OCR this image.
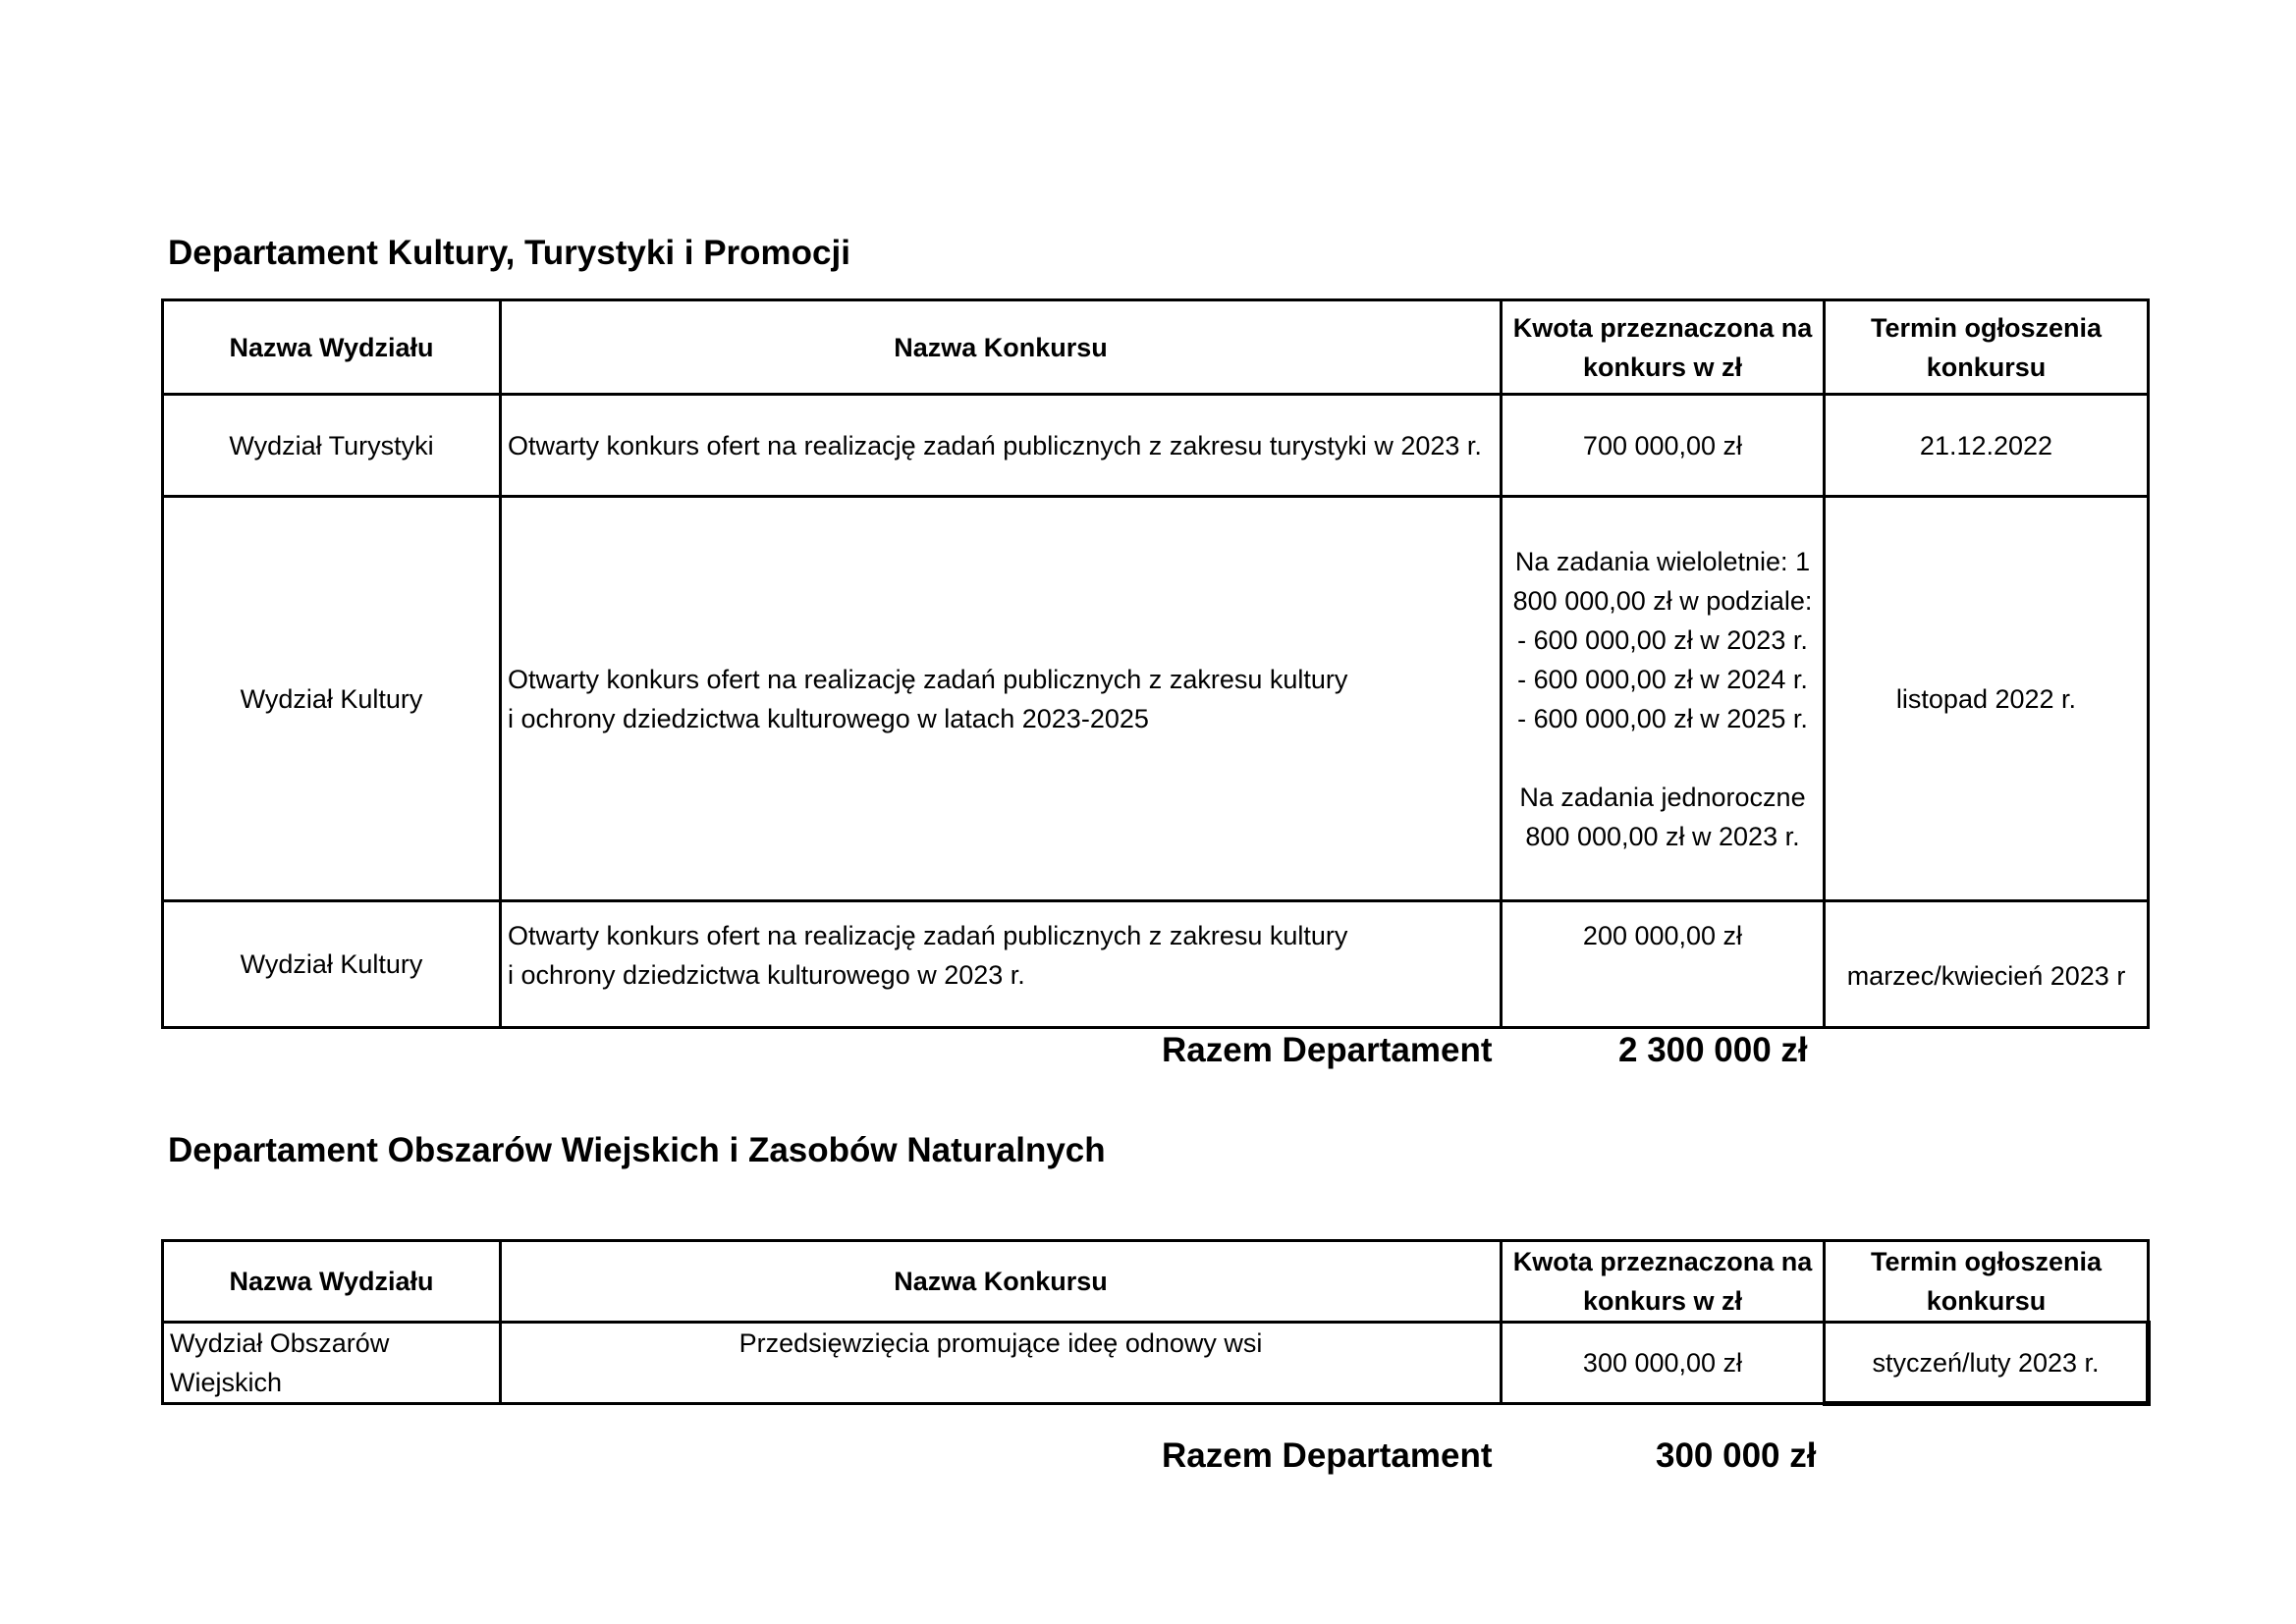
Departament Kultury, Turystyki i Promocji
Nazwa Wydziału	Nazwa Konkursu	Kwota przeznaczona na konkurs w zł	Termin ogłoszenia konkursu
Wydział Turystyki	Otwarty konkurs ofert na realizację zadań publicznych z zakresu turystyki w 2023 r.	700 000,00 zł	21.12.2022
Wydział Kultury	Otwarty konkurs ofert na realizację zadań publicznych z zakresu kultury
i ochrony dziedzictwa kulturowego w latach 2023-2025	Na zadania wieloletnie: 1 800 000,00 zł w podziale: - 600 000,00 zł w 2023 r.
- 600 000,00 zł w 2024 r.
- 600 000,00 zł w 2025 r.

Na zadania jednoroczne 800 000,00 zł w 2023 r.	listopad 2022 r.
Wydział Kultury	Otwarty konkurs ofert na realizację zadań publicznych z zakresu kultury
i ochrony dziedzictwa kulturowego w 2023 r.	200 000,00 zł	marzec/kwiecień 2023 r
Razem Departament	2 300 000 zł
Departament Obszarów Wiejskich i Zasobów Naturalnych
Nazwa Wydziału	Nazwa Konkursu	Kwota przeznaczona na konkurs w zł	Termin ogłoszenia konkursu
Wydział Obszarów Wiejskich	Przedsięwzięcia promujące ideę odnowy wsi	300 000,00 zł	styczeń/luty 2023 r.
Razem Departament	300 000 zł
